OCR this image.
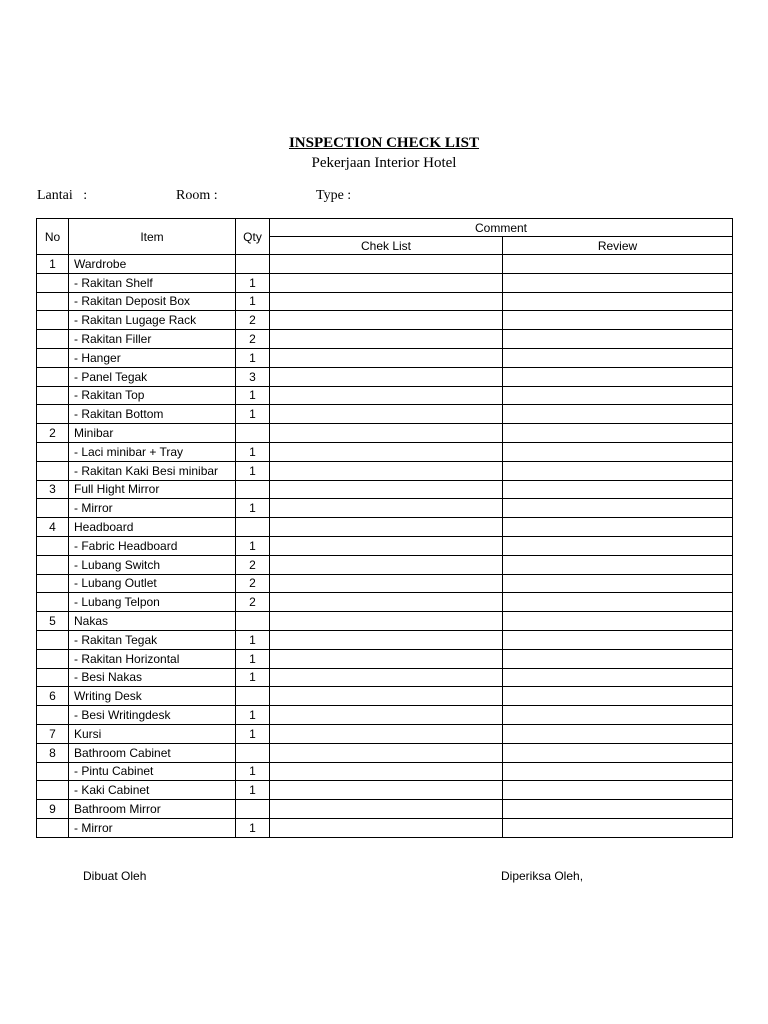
INSPECTION CHECK LIST
Pekerjaan Interior Hotel
Lantai   :	Room :	Type :
No	Item	Qty	Comment	
			Chek List	Review
1	Wardrobe			
	- Rakitan Shelf	1		
	- Rakitan Deposit Box	1		
	- Rakitan Lugage Rack	2		
	- Rakitan Filler	2		
	- Hanger	1		
	- Panel Tegak	3		
	- Rakitan Top	1		
	- Rakitan Bottom	1		
2	Minibar			
	- Laci minibar + Tray	1		
	- Rakitan Kaki Besi minibar	1		
3	Full Hight Mirror			
	- Mirror	1		
4	Headboard			
	- Fabric Headboard	1		
	- Lubang Switch	2		
	- Lubang Outlet	2		
	- Lubang Telpon	2		
5	Nakas			
	- Rakitan Tegak	1		
	- Rakitan Horizontal	1		
	- Besi Nakas	1		
6	Writing Desk			
	- Besi Writingdesk	1		
7	Kursi	1		
8	Bathroom Cabinet			
	- Pintu Cabinet	1		
	- Kaki Cabinet	1		
9	Bathroom Mirror			
	- Mirror	1		
Dibuat Oleh	Diperiksa Oleh,
